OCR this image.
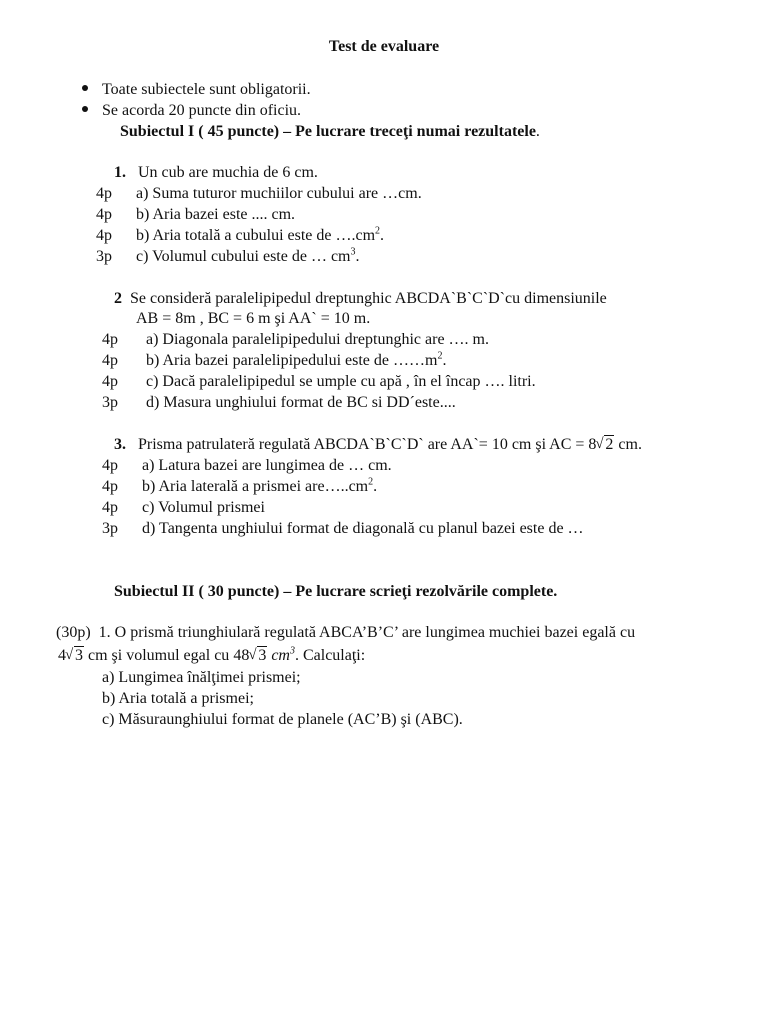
Test de evaluare
Toate subiectele sunt obligatorii.
Se acorda 20 puncte din oficiu.
Subiectul I ( 45 puncte) – Pe lucrare treceţi numai rezultatele.
1. Un cub are muchia de 6 cm.
4p a) Suma tuturor muchiilor cubului are …cm.
4p b) Aria bazei este .... cm.
4p b) Aria totală a cubului este de $\dots.cm^2$.
3p c) Volumul cubului este de … $cm^3$.
2 Se consideră paralelipipedul dreptunghic ABCDA`B`C`D`cu dimensiunile
AB = 8m , BC = 6 m şi AA` = 10 m.
4p a) Diagonala paralelipipedului dreptunghic are …. m.
4p b) Aria bazei paralelipipedului este de $\dots\dots m^2$.
4p c) Dacă paralelipipedul se umple cu apă , în el încap …. litri.
3p d) Masura unghiului format de BC si DD´este....
3. Prisma patrulateră regulată ABCDA`B`C`D` are AA`= 10 cm şi AC = 8 √ 2 cm.
4p a) Latura bazei are lungimea de … cm.
4p b) Aria laterală a prismei $are\dots..cm^2$.
4p c) Volumul prismei
3p d) Tangenta unghiului format de diagonală cu planul bazei este de …
Subiectul II ( 30 puncte) – Pe lucrare scrieţi rezolvările complete.
(30p) 1. O prismă triunghiulară regulată ABCA’B’C’ are lungimea muchiei bazei egală cu
4 √ 3 cm şi volumul egal cu 48 √ 3 $cm^3$. Calculaţi:
a) Lungimea înălţimei prismei;
b) Aria totală a prismei;
c) Măsuraunghiului format de planele (AC’B) şi (ABC).
